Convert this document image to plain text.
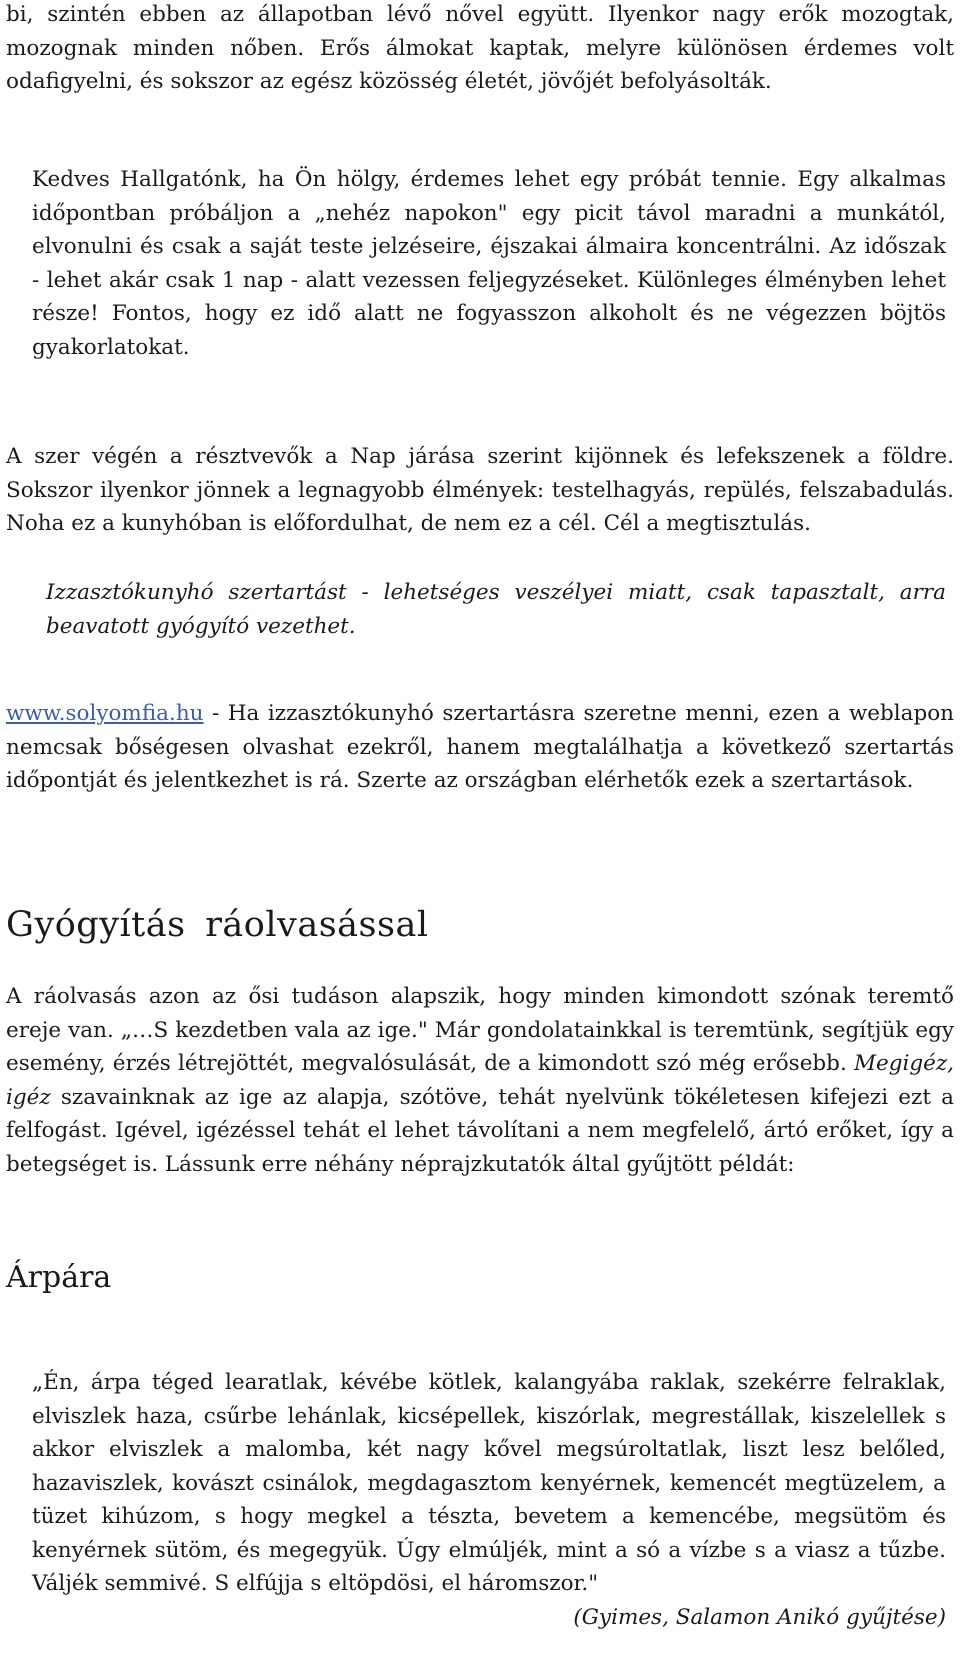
bi, szintén ebben az állapotban lévő nővel együtt. Ilyenkor nagy erők mozogtak, mozognak minden nőben. Erős álmokat kaptak, melyre különösen érdemes volt odafigyelni, és sokszor az egész közösség életét, jövőjét befolyásolták.

Kedves Hallgatónk, ha Ön hölgy, érdemes lehet egy próbát tennie. Egy alkalmas időpontban próbáljon a „nehéz napokon" egy picit távol maradni a munkától, elvonulni és csak a saját teste jelzéseire, éjszakai álmaira koncentrálni. Az időszak - lehet akár csak 1 nap - alatt vezessen feljegyzéseket. Különleges élményben lehet része! Fontos, hogy ez idő alatt ne fogyasszon alkoholt és ne végezzen böjtös gyakorlatokat.

A szer végén a résztvevők a Nap járása szerint kijönnek és lefekszenek a földre. Sokszor ilyenkor jönnek a legnagyobb élmények: testelhagyás, repülés, felszabadulás. Noha ez a kunyhóban is előfordulhat, de nem ez a cél. Cél a megtisztulás.

Izzasztókunyhó szertartást - lehetséges veszélyei miatt, csak tapasztalt, arra beavatott gyógyító vezethet.

www.solyomfia.hu - Ha izzasztókunyhó szertartásra szeretne menni, ezen a weblapon nemcsak bőségesen olvashat ezekről, hanem megtalálhatja a következő szertartás időpontját és jelentkezhet is rá. Szerte az országban elérhetők ezek a szertartások.

Gyógyítás ráolvasással

A ráolvasás azon az ősi tudáson alapszik, hogy minden kimondott szónak teremtő ereje van. „…S kezdetben vala az ige." Már gondolatainkkal is teremtünk, segítjük egy esemény, érzés létrejöttét, megvalósulását, de a kimondott szó még erősebb. Megigéz, igéz szavainknak az ige az alapja, szótöve, tehát nyelvünk tökéletesen kifejezi ezt a felfogást. Igével, igézéssel tehát el lehet távolítani a nem megfelelő, ártó erőket, így a betegséget is. Lássunk erre néhány néprajzkutatók által gyűjtött példát:

Árpára

„Én, árpa téged learatlak, kévébe kötlek, kalangyába raklak, szekérre felraklak, elviszlek haza, csűrbe lehánlak, kicsépellek, kiszórlak, megrestállak, kiszelellek s akkor elviszlek a malomba, két nagy kővel megsúroltatlak, liszt lesz belőled, hazaviszlek, kovászt csinálok, megdagasztom kenyérnek, kemencét megtüzelem, a tüzet kihúzom, s hogy megkel a tészta, bevetem a kemencébe, megsütöm és kenyérnek sütöm, és megegyük. Úgy elmúljék, mint a só a vízbe s a viasz a tűzbe. Váljék semmivé. S elfújja s eltöpdösi, el háromszor."
(Gyimes, Salamon Anikó gyűjtése)
